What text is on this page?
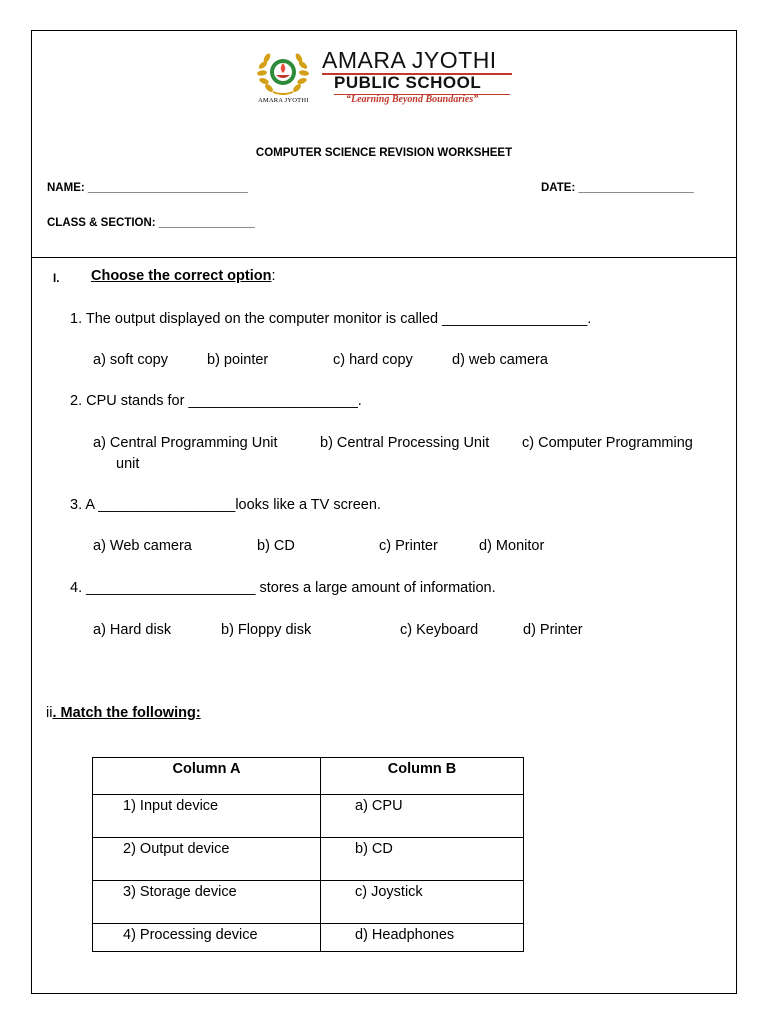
AMARA JYOTHI
AMARA JYOTHI
PUBLIC SCHOOL
“Learning Beyond Boundaries”
COMPUTER SCIENCE REVISION WORKSHEET
NAME: _________________________	DATE: __________________
CLASS & SECTION: _______________
I. Choose the correct option:
1. The output displayed on the computer monitor is called __________________.
a) soft copy	b) pointer	c) hard copy	d) web camera
2. CPU stands for _____________________.
a) Central Programming Unit	b) Central Processing Unit c) Computer Programming
unit
3. A _________________looks like a TV screen.
a) Web camera	b) CD	c) Printer	d) Monitor
4. _____________________ stores a large amount of information.
a) Hard disk	b) Floppy disk	c) Keyboard	d) Printer
ii. Match the following:
Column A	Column B
1) Input device	a) CPU
2) Output device	b) CD
3) Storage device	c) Joystick
4) Processing device	d) Headphones
